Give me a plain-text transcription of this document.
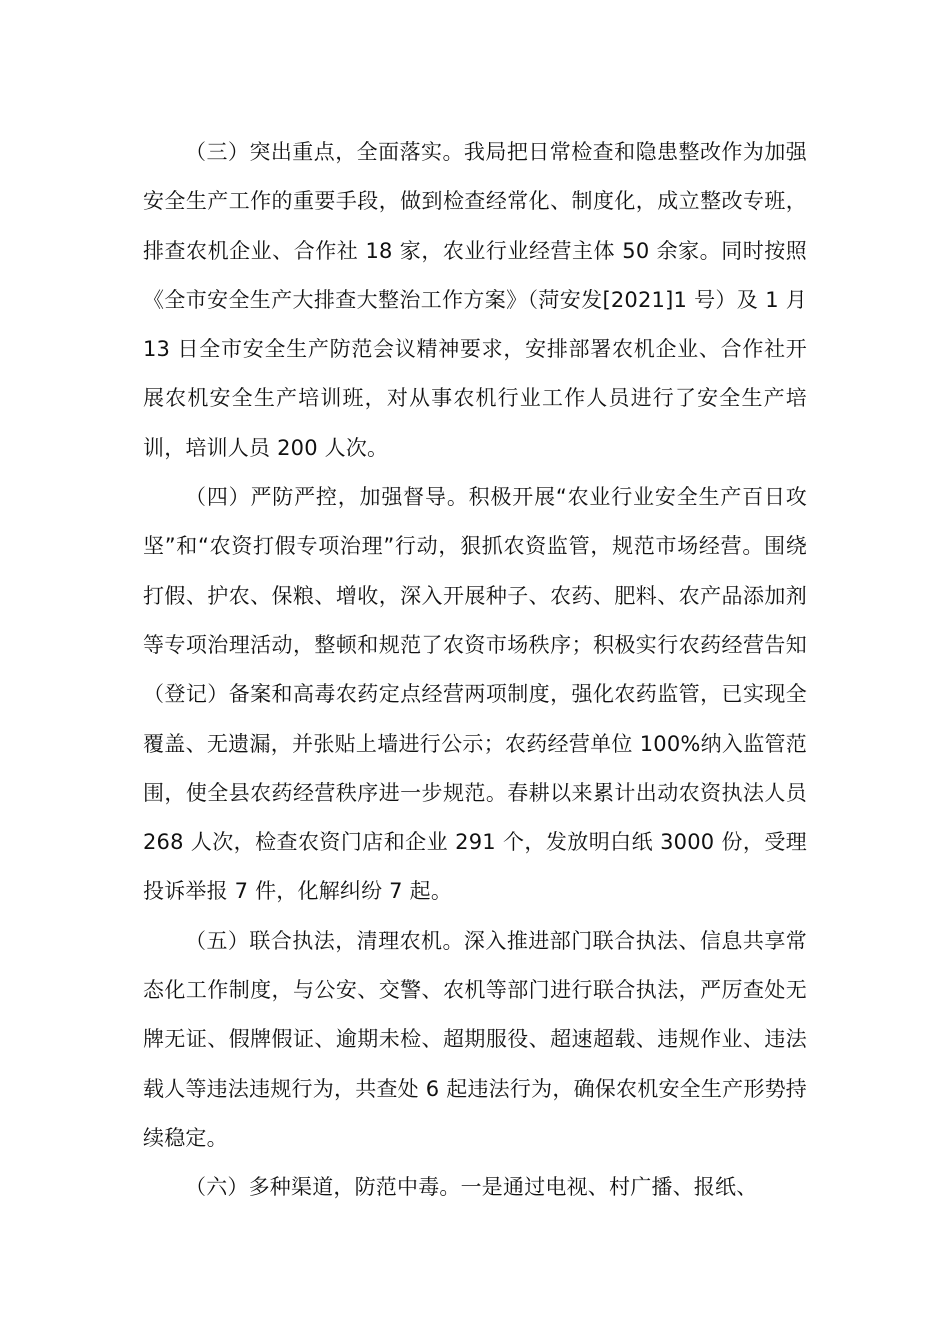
（三）突出重点，全面落实。我局把日常检查和隐患整改作为加强安全生产工作的重要手段，做到检查经常化、制度化，成立整改专班，排查农机企业、合作社 18 家，农业行业经营主体 50 余家。同时按照《全市安全生产大排查大整治工作方案》（菏安发[2021]1 号）及 1 月 13 日全市安全生产防范会议精神要求，安排部署农机企业、合作社开展农机安全生产培训班，对从事农机行业工作人员进行了安全生产培训，培训人员 200 人次。

（四）严防严控，加强督导。积极开展“农业行业安全生产百日攻坚”和“农资打假专项治理”行动，狠抓农资监管，规范市场经营。围绕打假、护农、保粮、增收，深入开展种子、农药、肥料、农产品添加剂等专项治理活动，整顿和规范了农资市场秩序；积极实行农药经营告知（登记）备案和高毒农药定点经营两项制度，强化农药监管，已实现全覆盖、无遗漏，并张贴上墙进行公示；农药经营单位 100%纳入监管范围，使全县农药经营秩序进一步规范。春耕以来累计出动农资执法人员 268 人次，检查农资门店和企业 291 个，发放明白纸 3000 份，受理投诉举报 7 件，化解纠纷 7 起。

（五）联合执法，清理农机。深入推进部门联合执法、信息共享常态化工作制度，与公安、交警、农机等部门进行联合执法，严厉查处无牌无证、假牌假证、逾期未检、超期服役、超速超载、违规作业、违法载人等违法违规行为，共查处 6 起违法行为，确保农机安全生产形势持续稳定。

（六）多种渠道，防范中毒。一是通过电视、村广播、报纸、
